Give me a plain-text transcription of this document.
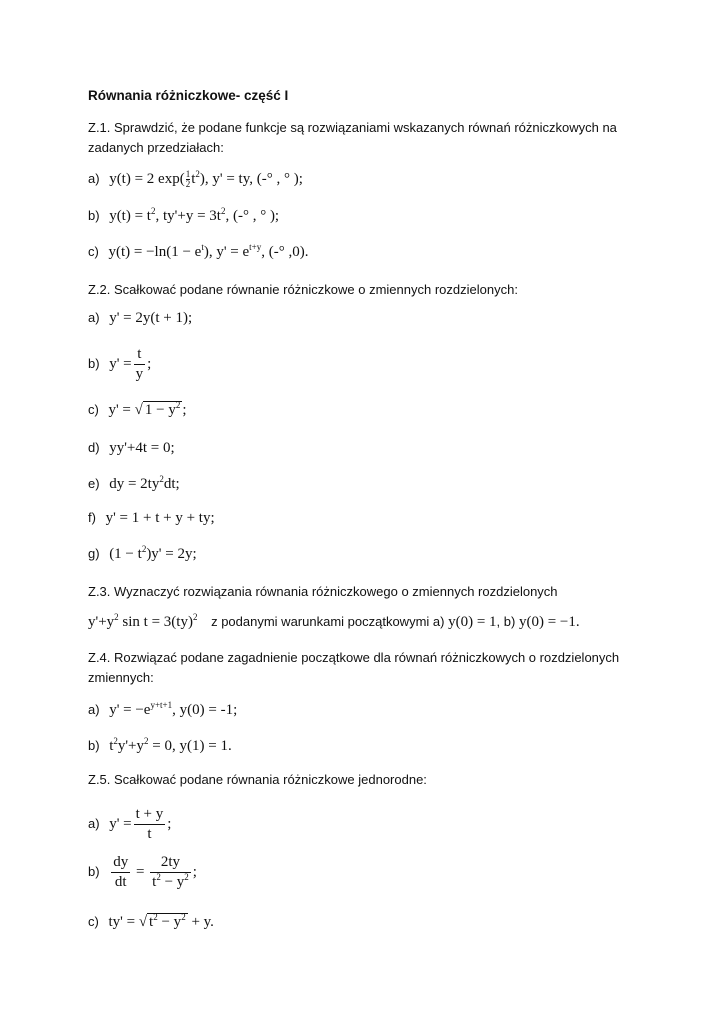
Równania różniczkowe- część I
Z.1. Sprawdzić, że podane funkcje są rozwiązaniami wskazanych równań różniczkowych na zadanych przedziałach:
a) y(t) = 2 $\exp( \frac{1}{2} t^2)$, y' = ty, (-° , ° );
b) $y(t) = t^2$, $ty'+y = 3t^2$, (-° , ° );
c) $y(t) = -\ln(1 - e^t)$, $y' = e^{t+y}$, (-° ,0).
Z.2. Scałkować podane równanie różniczkowe o zmiennych rozdzielonych:
a) y' = 2y(t + 1);
b) $y' = \frac{t}{y}$ ;
c) y' = √ $1 - y^2$ ;
d) yy'+4t = 0;
e) dy = $2ty^2dt$;
f) y' = 1 + t + y + ty;
g) $(1 - t^2)y' = 2y$;
Z.3. Wyznaczyć rozwiązania równania różniczkowego o zmiennych rozdzielonych
$y'+y^2$ sin t = 3(ty)$^2$ z podanymi warunkami początkowymi a) y(0) = 1, b) y(0) = −1.
Z.4. Rozwiązać podane zagadnienie początkowe dla równań różniczkowych o rozdzielonych zmiennych:
a) $y' = -e^{y+t+1}$, y(0) = -1;
b) $t^2y'+y^2 = 0$, y(1) = 1.
Z.5. Scałkować podane równania różniczkowe jednorodne:
a) $y' = \frac{t + y}{t}$ ;
$b) \frac{dy}{dt} = \frac{2ty}{t^2 - y^2}$ ;
c) ty' = √ $t^2 - y^2 + y$.
